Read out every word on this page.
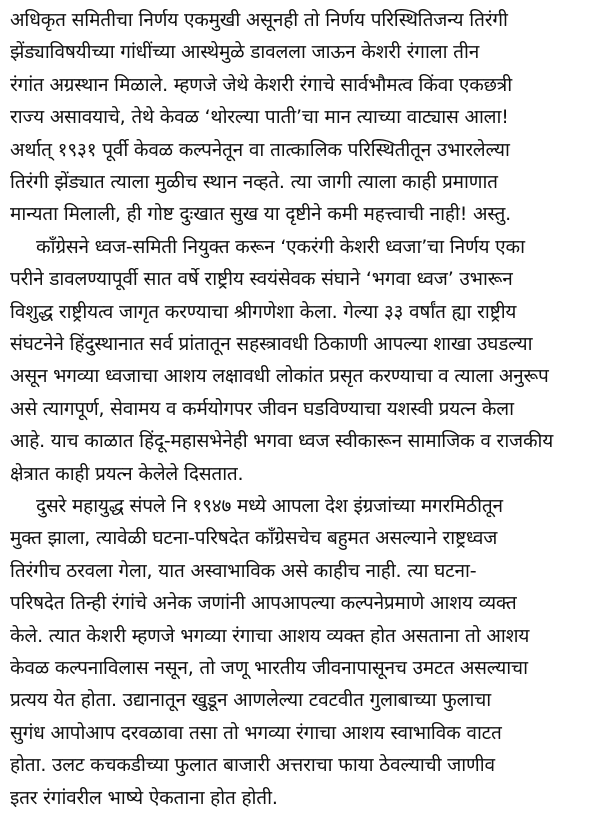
अधिकृत समितीचा निर्णय एकमुखी असूनही तो निर्णय परिस्थितिजन्य तिरंगी
झेंड्याविषयीच्या गांधींच्या आस्थेमुळे डावलला जाऊन केशरी रंगाला तीन
रंगांत अग्रस्थान मिळाले. म्हणजे जेथे केशरी रंगाचे सार्वभौमत्व किंवा एकछत्री
राज्य असावयाचे, तेथे केवळ ‘थोरल्या पाती’चा मान त्याच्या वाट्यास आला!
अर्थात् १९३१ पूर्वी केवळ कल्पनेतून वा तात्कालिक परिस्थितीतून उभारलेल्या
तिरंगी झेंड्यात त्याला मुळीच स्थान नव्हते. त्या जागी त्याला काही प्रमाणात
मान्यता मिलाली, ही गोष्ट दुःखात सुख या दृष्टीने कमी महत्त्वाची नाही! अस्तु.
काँग्रेसने ध्वज-समिती नियुक्त करून ‘एकरंगी केशरी ध्वजा’चा निर्णय एका
परीने डावलण्यापूर्वी सात वर्षे राष्ट्रीय स्वयंसेवक संघाने ‘भगवा ध्वज’ उभारून
विशुद्ध राष्ट्रीयत्व जागृत करण्याचा श्रीगणेशा केला. गेल्या ३३ वर्षांत ह्या राष्ट्रीय
संघटनेने हिंदुस्थानात सर्व प्रांतातून सहस्त्रावधी ठिकाणी आपल्या शाखा उघडल्या
असून भगव्या ध्वजाचा आशय लक्षावधी लोकांत प्रसृत करण्याचा व त्याला अनुरूप
असे त्यागपूर्ण, सेवामय व कर्मयोगपर जीवन घडविण्याचा यशस्वी प्रयत्न केला
आहे. याच काळात हिंदू-महासभेनेही भगवा ध्वज स्वीकारून सामाजिक व राजकीय
क्षेत्रात काही प्रयत्न केलेले दिसतात.
दुसरे महायुद्ध संपले नि १९४७ मध्ये आपला देश इंग्रजांच्या मगरमिठीतून
मुक्त झाला, त्यावेळी घटना-परिषदेत काँग्रेसचेच बहुमत असल्याने राष्ट्रध्वज
तिरंगीच ठरवला गेला, यात अस्वाभाविक असे काहीच नाही. त्या घटना-
परिषदेत तिन्ही रंगांचे अनेक जणांनी आपआपल्या कल्पनेप्रमाणे आशय व्यक्त
केले. त्यात केशरी म्हणजे भगव्या रंगाचा आशय व्यक्त होत असताना तो आशय
केवळ कल्पनाविलास नसून, तो जणू भारतीय जीवनापासूनच उमटत असल्याचा
प्रत्यय येत होता. उद्यानातून खुडून आणलेल्या टवटवीत गुलाबाच्या फुलाचा
सुगंध आपोआप दरवळावा तसा तो भगव्या रंगाचा आशय स्वाभाविक वाटत
होता. उलट कचकडीच्या फुलात बाजारी अत्तराचा फाया ठेवल्याची जाणीव
इतर रंगांवरील भाष्ये ऐकताना होत होती.
